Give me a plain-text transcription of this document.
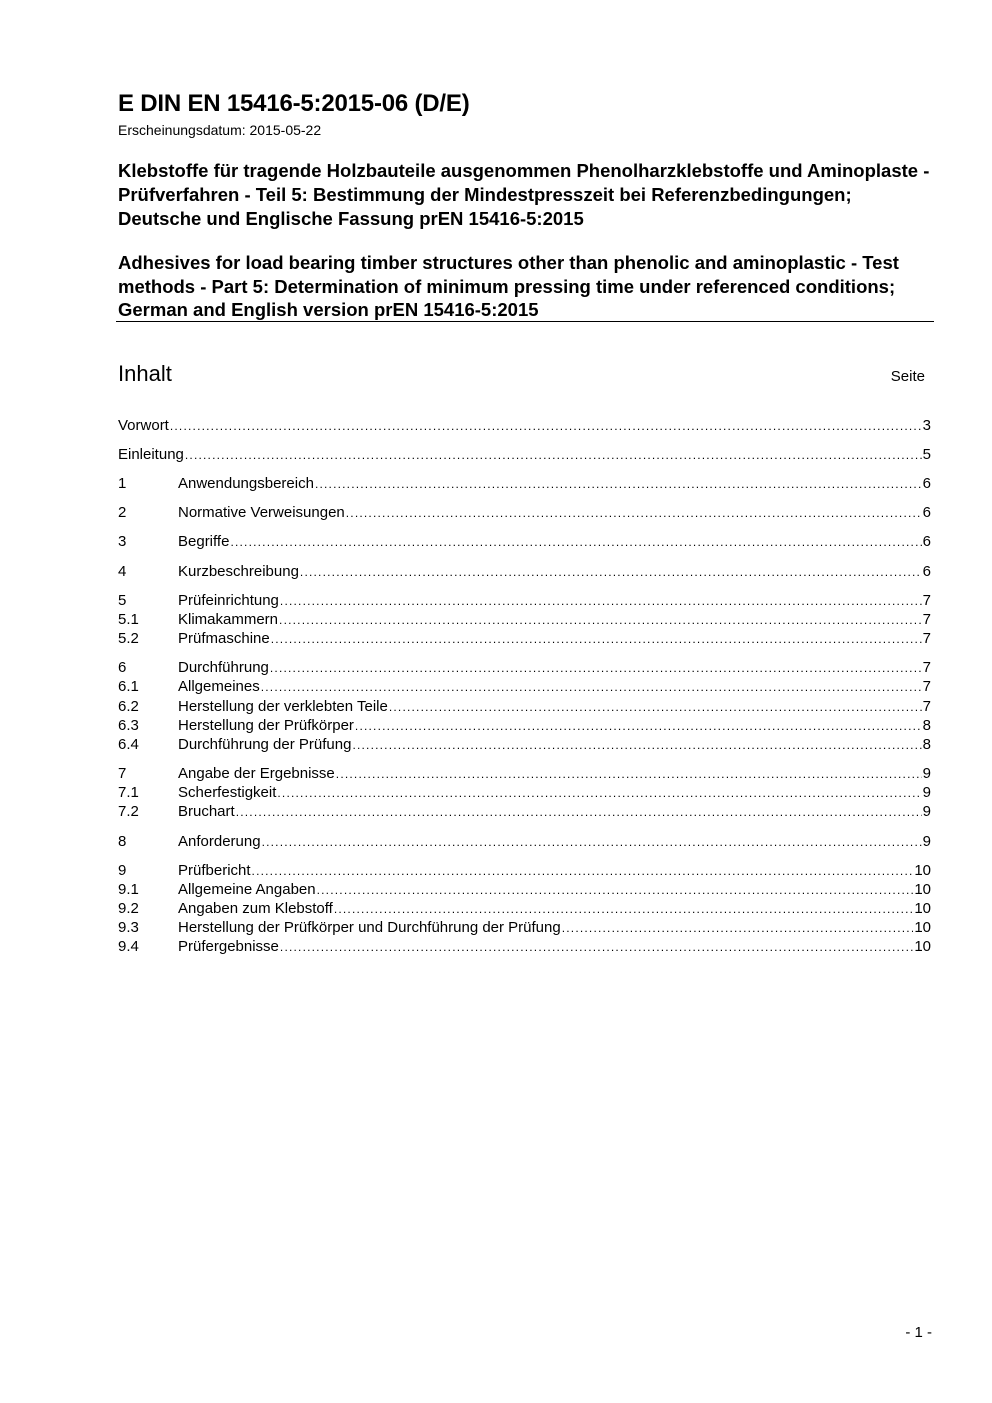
E DIN EN 15416-5:2015-06 (D/E)
Erscheinungsdatum: 2015-05-22
Klebstoffe für tragende Holzbauteile ausgenommen Phenolharzklebstoffe und Aminoplaste - Prüfverfahren - Teil 5: Bestimmung der Mindestpresszeit bei Referenzbedingungen; Deutsche und Englische Fassung prEN 15416-5:2015
Adhesives for load bearing timber structures other than phenolic and aminoplastic - Test methods - Part 5: Determination of minimum pressing time under referenced conditions; German and English version prEN 15416-5:2015
Inhalt	Seite
Vorwort .....	3
Einleitung .....	5
1	Anwendungsbereich .....	6
2	Normative Verweisungen .....	6
3	Begriffe .....	6
4	Kurzbeschreibung .....	6
5	Prüfeinrichtung .....	7
5.1	Klimakammern .....	7
5.2	Prüfmaschine .....	7
6	Durchführung .....	7
6.1	Allgemeines .....	7
6.2	Herstellung der verklebten Teile .....	7
6.3	Herstellung der Prüfkörper .....	8
6.4	Durchführung der Prüfung .....	8
7	Angabe der Ergebnisse .....	9
7.1	Scherfestigkeit .....	9
7.2	Bruchart .....	9
8	Anforderung .....	9
9	Prüfbericht .....	10
9.1	Allgemeine Angaben .....	10
9.2	Angaben zum Klebstoff .....	10
9.3	Herstellung der Prüfkörper und Durchführung der Prüfung .....	10
9.4	Prüfergebnisse .....	10
- 1 -
